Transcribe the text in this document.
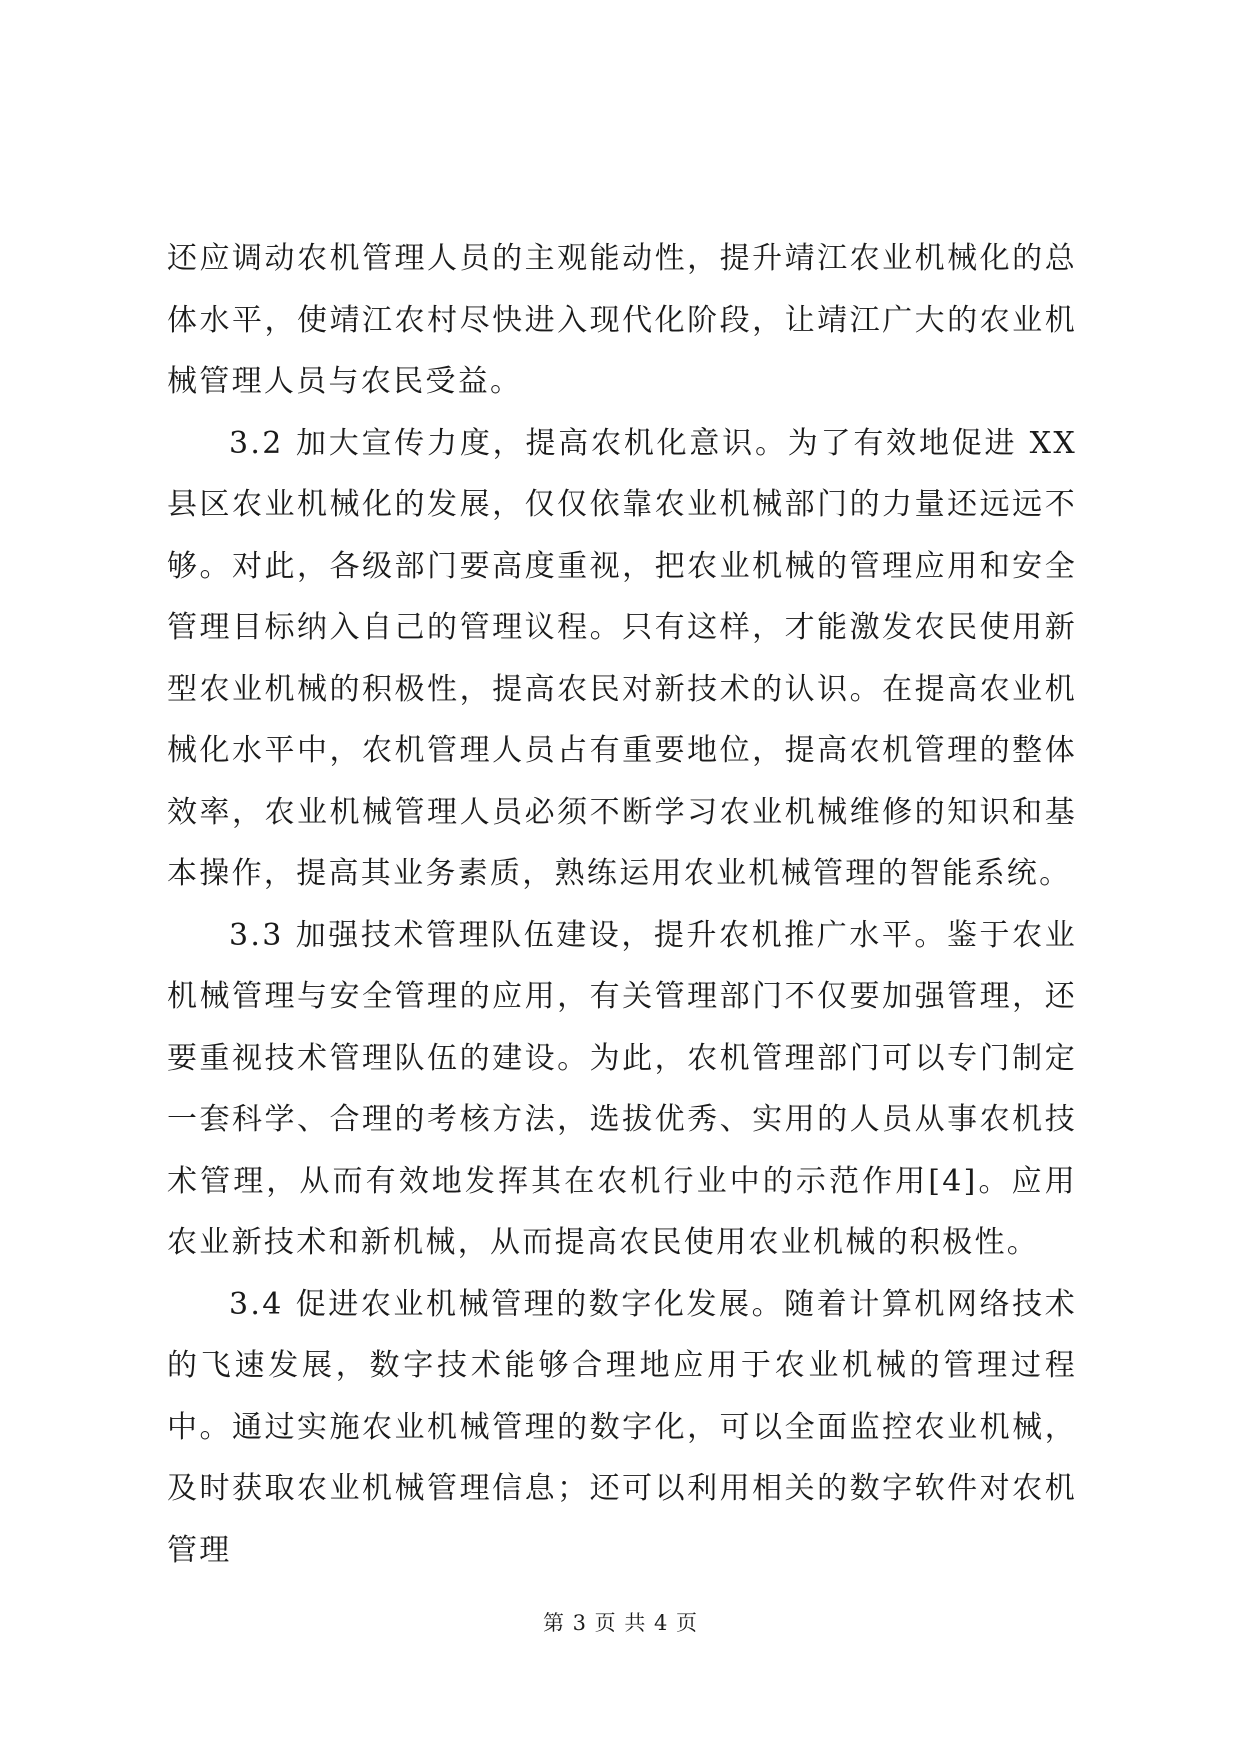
还应调动农机管理人员的主观能动性，提升靖江农业机械化的总体水平，使靖江农村尽快进入现代化阶段，让靖江广大的农业机械管理人员与农民受益。

3.2 加大宣传力度，提高农机化意识。为了有效地促进 XX 县区农业机械化的发展，仅仅依靠农业机械部门的力量还远远不够。对此，各级部门要高度重视，把农业机械的管理应用和安全管理目标纳入自己的管理议程。只有这样，才能激发农民使用新型农业机械的积极性，提高农民对新技术的认识。在提高农业机械化水平中，农机管理人员占有重要地位，提高农机管理的整体效率，农业机械管理人员必须不断学习农业机械维修的知识和基本操作，提高其业务素质，熟练运用农业机械管理的智能系统。

3.3 加强技术管理队伍建设，提升农机推广水平。鉴于农业机械管理与安全管理的应用，有关管理部门不仅要加强管理，还要重视技术管理队伍的建设。为此，农机管理部门可以专门制定一套科学、合理的考核方法，选拔优秀、实用的人员从事农机技术管理，从而有效地发挥其在农机行业中的示范作用[4]。应用农业新技术和新机械，从而提高农民使用农业机械的积极性。

3.4 促进农业机械管理的数字化发展。随着计算机网络技术的飞速发展，数字技术能够合理地应用于农业机械的管理过程中。通过实施农业机械管理的数字化，可以全面监控农业机械，及时获取农业机械管理信息；还可以利用相关的数字软件对农机管理

第 3 页 共 4 页
